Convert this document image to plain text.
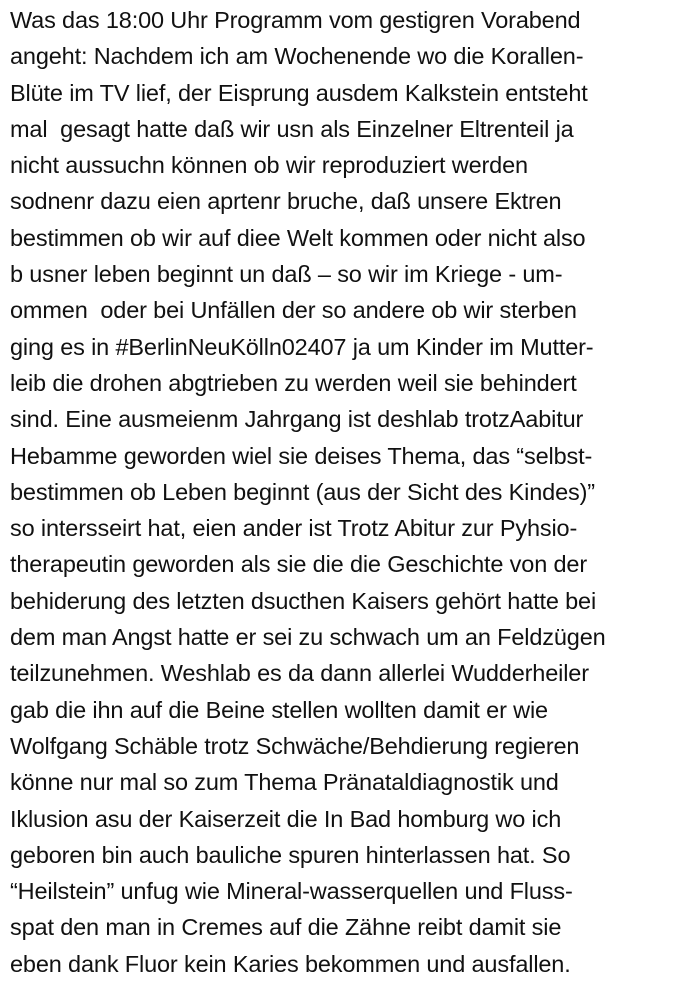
Was das 18:00 Uhr Programm vom gestigren Vorabend
angeht: Nachdem ich am Wochenende wo die Korallen-
Blüte im TV lief, der Eisprung ausdem Kalkstein entsteht
mal  gesagt hatte daß wir usn als Einzelner Eltrenteil ja
nicht aussuchn können ob wir reproduziert werden
sodnenr dazu eien aprtenr bruche, daß unsere Ektren
bestimmen ob wir auf diee Welt kommen oder nicht also
b usner leben beginnt un daß – so wir im Kriege - um-
ommen  oder bei Unfällen der so andere ob wir sterben
ging es in #BerlinNeuKölln02407 ja um Kinder im Mutter-
leib die drohen abgtrieben zu werden weil sie behindert
sind. Eine ausmeienm Jahrgang ist deshlab trotzAabitur
Hebamme geworden wiel sie deises Thema, das “selbst-
bestimmen ob Leben beginnt (aus der Sicht des Kindes)”
so intersseirt hat, eien ander ist Trotz Abitur zur Pyhsio-
therapeutin geworden als sie die die Geschichte von der
behiderung des letzten dsucthen Kaisers gehört hatte bei
dem man Angst hatte er sei zu schwach um an Feldzügen
teilzunehmen. Weshlab es da dann allerlei Wudderheiler
gab die ihn auf die Beine stellen wollten damit er wie
Wolfgang Schäble trotz Schwäche/Behdierung regieren
könne nur mal so zum Thema Pränataldiagnostik und
Iklusion asu der Kaiserzeit die In Bad homburg wo ich
geboren bin auch bauliche spuren hinterlassen hat. So
“Heilstein” unfug wie Mineral-wasserquellen und Fluss-
spat den man in Cremes auf die Zähne reibt damit sie
eben dank Fluor kein Karies bekommen und ausfallen.
